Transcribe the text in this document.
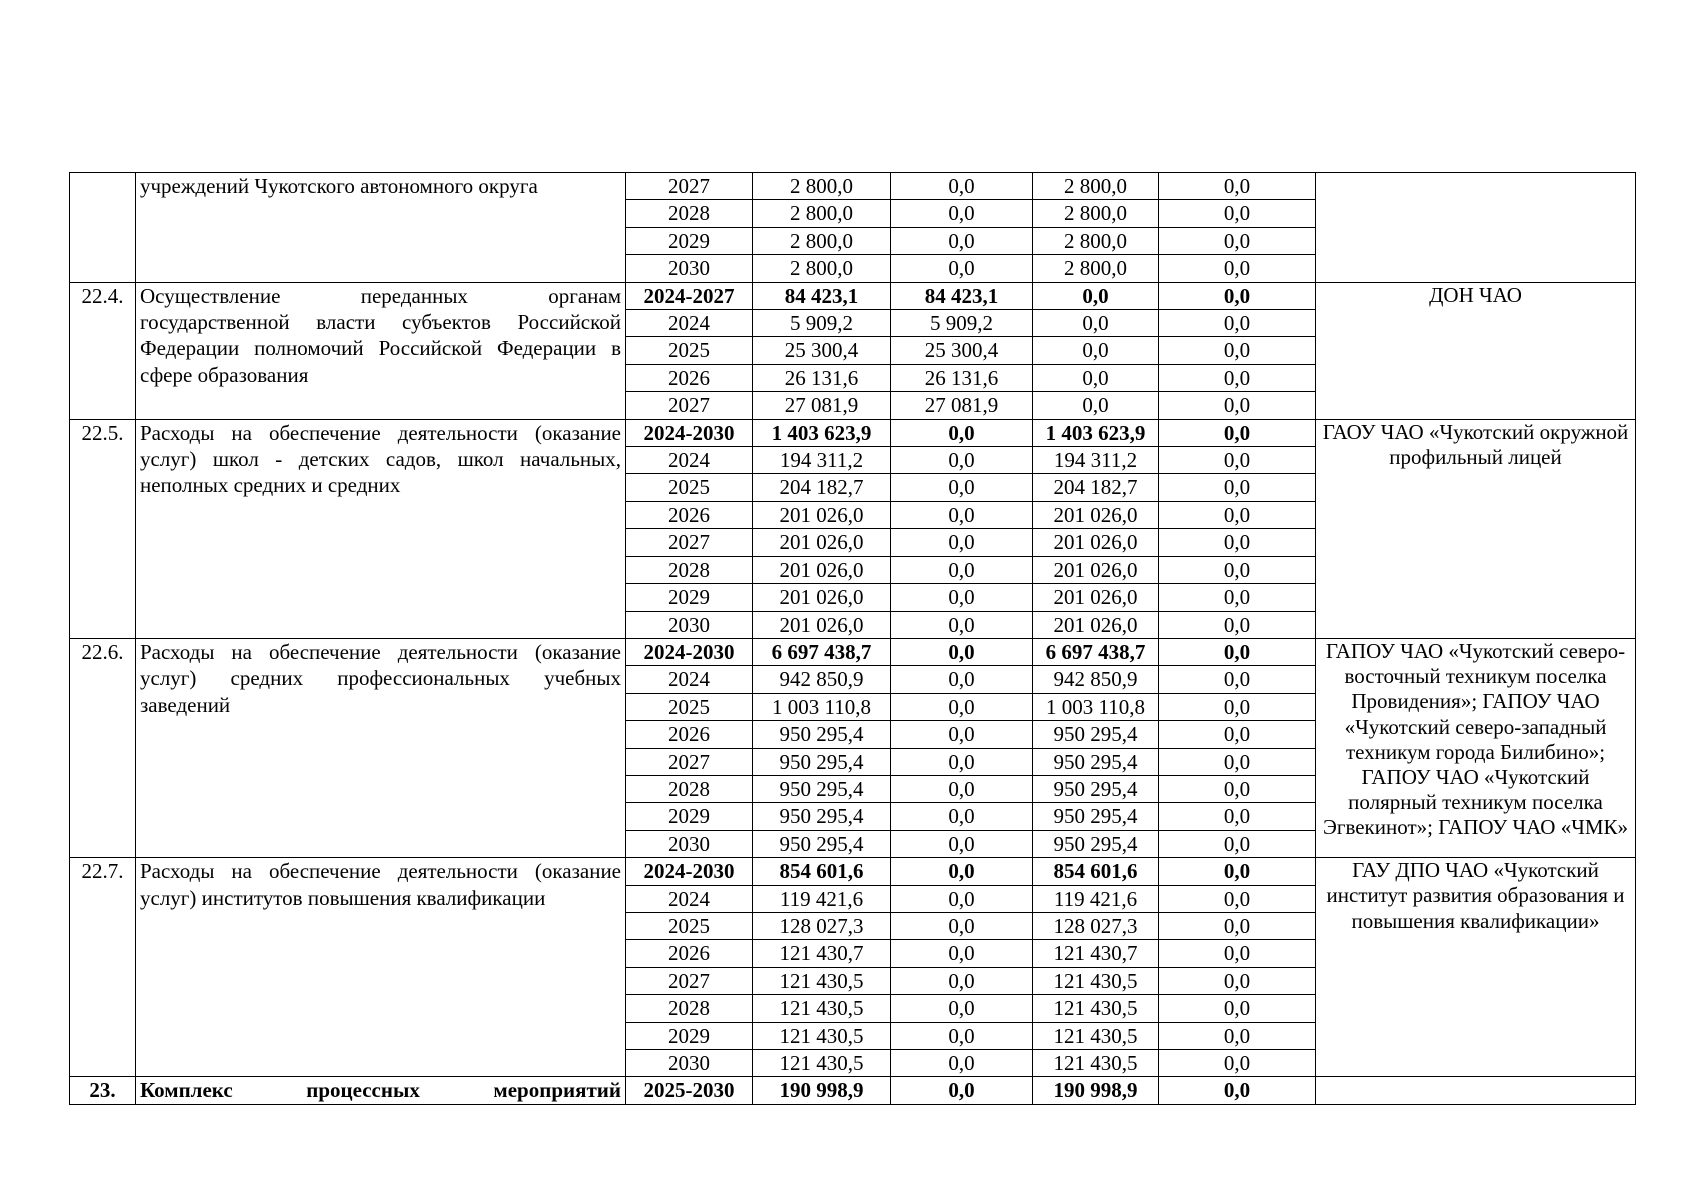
	учреждений Чукотского автономного округа	2027	2 800,0	0,0	2 800,0	0,0	
		2028	2 800,0	0,0	2 800,0	0,0	
		2029	2 800,0	0,0	2 800,0	0,0	
		2030	2 800,0	0,0	2 800,0	0,0	
22.4.	Осуществление переданных органам государственной власти субъектов Российской Федерации полномочий Российской Федерации в сфере образования	2024-2027	84 423,1	84 423,1	0,0	0,0	ДОН ЧАО
		2024	5 909,2	5 909,2	0,0	0,0	
		2025	25 300,4	25 300,4	0,0	0,0	
		2026	26 131,6	26 131,6	0,0	0,0	
		2027	27 081,9	27 081,9	0,0	0,0	
22.5.	Расходы на обеспечение деятельности (оказание услуг) школ - детских садов, школ начальных, неполных средних и средних	2024-2030	1 403 623,9	0,0	1 403 623,9	0,0	ГАОУ ЧАО «Чукотский окружной профильный лицей
		2024	194 311,2	0,0	194 311,2	0,0	
		2025	204 182,7	0,0	204 182,7	0,0	
		2026	201 026,0	0,0	201 026,0	0,0	
		2027	201 026,0	0,0	201 026,0	0,0	
		2028	201 026,0	0,0	201 026,0	0,0	
		2029	201 026,0	0,0	201 026,0	0,0	
		2030	201 026,0	0,0	201 026,0	0,0	
22.6.	Расходы на обеспечение деятельности (оказание услуг) средних профессиональных учебных заведений	2024-2030	6 697 438,7	0,0	6 697 438,7	0,0	ГАПОУ ЧАО «Чукотский северо-восточный техникум поселка Провидения»; ГАПОУ ЧАО «Чукотский северо-западный техникум города Билибино»; ГАПОУ ЧАО «Чукотский полярный техникум поселка Эгвекинот»; ГАПОУ ЧАО «ЧМК»
		2024	942 850,9	0,0	942 850,9	0,0	
		2025	1 003 110,8	0,0	1 003 110,8	0,0	
		2026	950 295,4	0,0	950 295,4	0,0	
		2027	950 295,4	0,0	950 295,4	0,0	
		2028	950 295,4	0,0	950 295,4	0,0	
		2029	950 295,4	0,0	950 295,4	0,0	
		2030	950 295,4	0,0	950 295,4	0,0	
22.7.	Расходы на обеспечение деятельности (оказание услуг) институтов повышения квалификации	2024-2030	854 601,6	0,0	854 601,6	0,0	ГАУ ДПО ЧАО «Чукотский институт развития образования и повышения квалификации»
		2024	119 421,6	0,0	119 421,6	0,0	
		2025	128 027,3	0,0	128 027,3	0,0	
		2026	121 430,7	0,0	121 430,7	0,0	
		2027	121 430,5	0,0	121 430,5	0,0	
		2028	121 430,5	0,0	121 430,5	0,0	
		2029	121 430,5	0,0	121 430,5	0,0	
		2030	121 430,5	0,0	121 430,5	0,0	
23.	Комплекс процессных мероприятий	2025-2030	190 998,9	0,0	190 998,9	0,0	
